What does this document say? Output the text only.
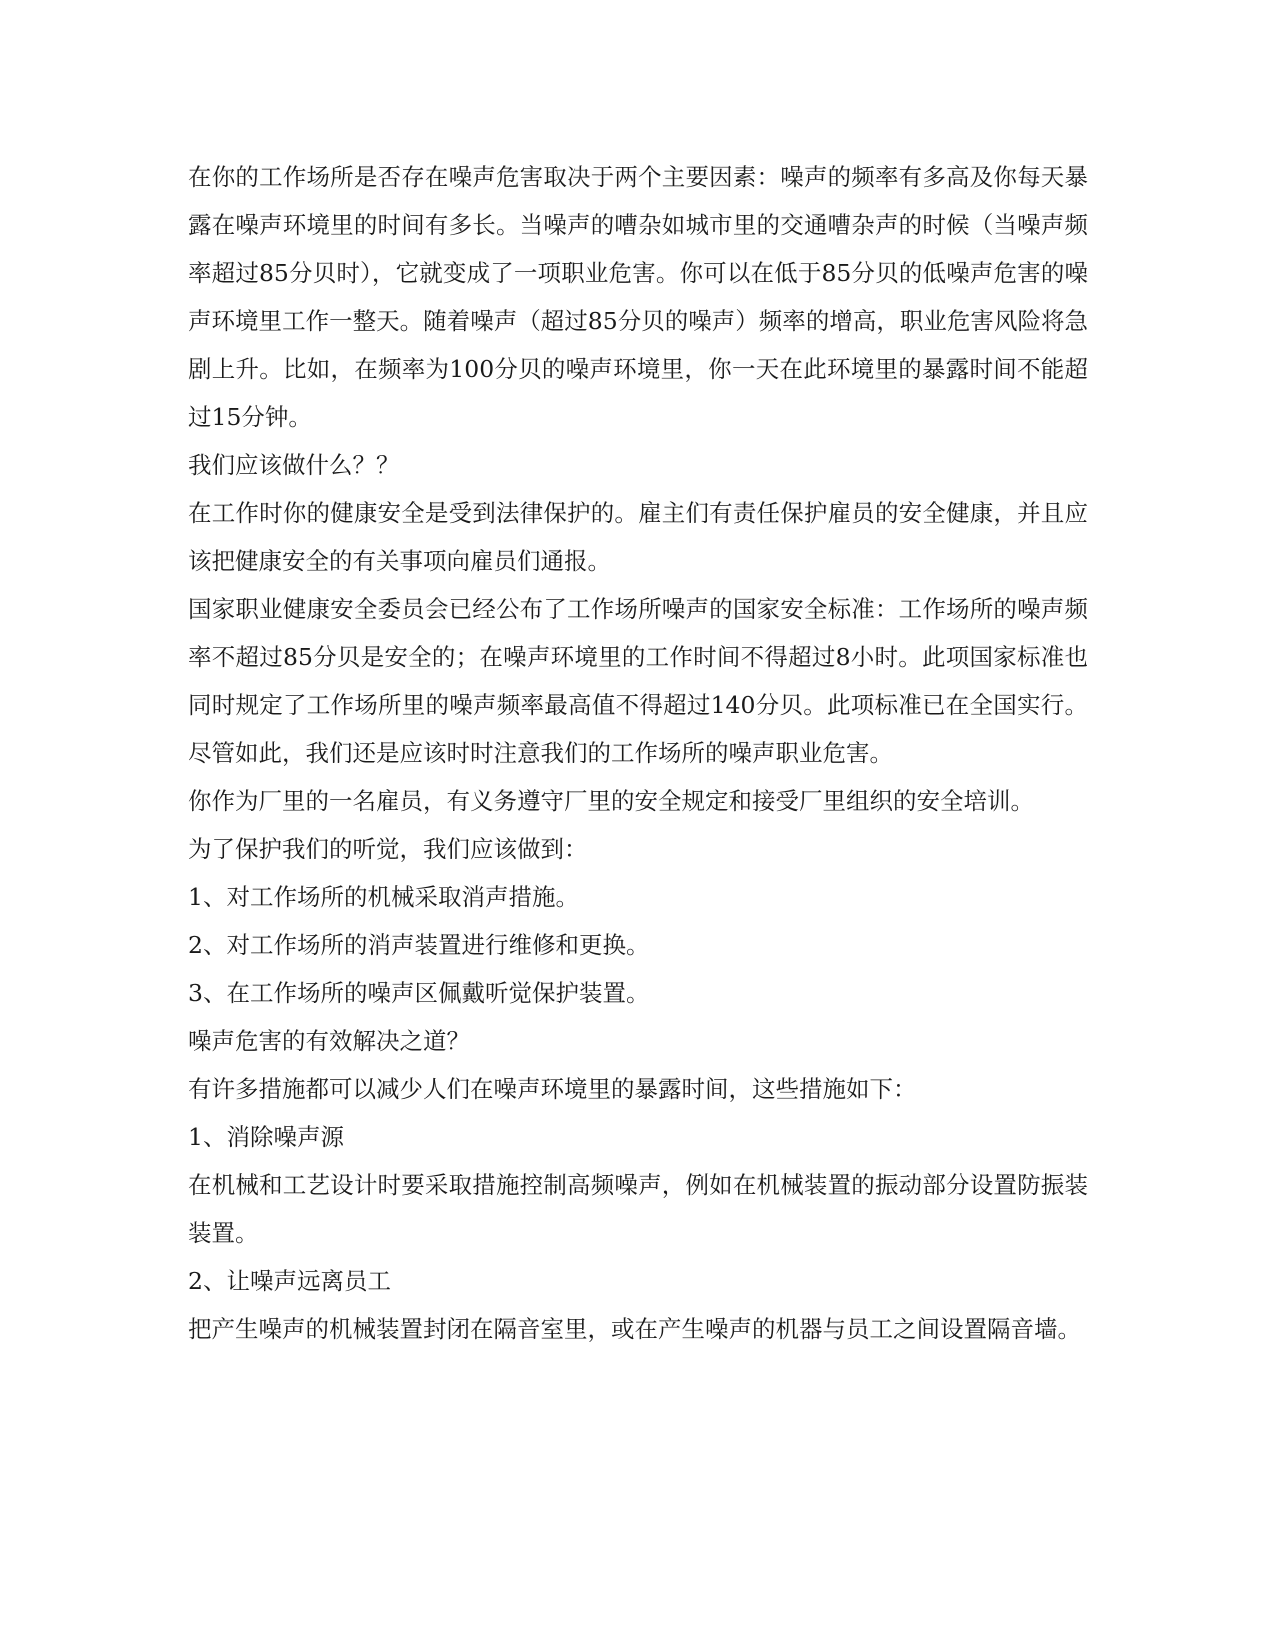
在你的工作场所是否存在噪声危害取决于两个主要因素：噪声的频率有多高及你每天暴露在噪声环境里的时间有多长。当噪声的嘈杂如城市里的交通嘈杂声的时候（当噪声频率超过85分贝时），它就变成了一项职业危害。你可以在低于85分贝的低噪声危害的噪声环境里工作一整天。随着噪声（超过85分贝的噪声）频率的增高，职业危害风险将急剧上升。比如，在频率为100分贝的噪声环境里，你一天在此环境里的暴露时间不能超过15分钟。

我们应该做什么？？

在工作时你的健康安全是受到法律保护的。雇主们有责任保护雇员的安全健康，并且应该把健康安全的有关事项向雇员们通报。

国家职业健康安全委员会已经公布了工作场所噪声的国家安全标准：工作场所的噪声频率不超过85分贝是安全的；在噪声环境里的工作时间不得超过8小时。此项国家标准也同时规定了工作场所里的噪声频率最高值不得超过140分贝。此项标准已在全国实行。尽管如此，我们还是应该时时注意我们的工作场所的噪声职业危害。

你作为厂里的一名雇员，有义务遵守厂里的安全规定和接受厂里组织的安全培训。

为了保护我们的听觉，我们应该做到：

1、对工作场所的机械采取消声措施。

2、对工作场所的消声装置进行维修和更换。

3、在工作场所的噪声区佩戴听觉保护装置。

噪声危害的有效解决之道？

有许多措施都可以减少人们在噪声环境里的暴露时间，这些措施如下：

1、消除噪声源

在机械和工艺设计时要采取措施控制高频噪声，例如在机械装置的振动部分设置防振装装置。

2、让噪声远离员工

把产生噪声的机械装置封闭在隔音室里，或在产生噪声的机器与员工之间设置隔音墙。
